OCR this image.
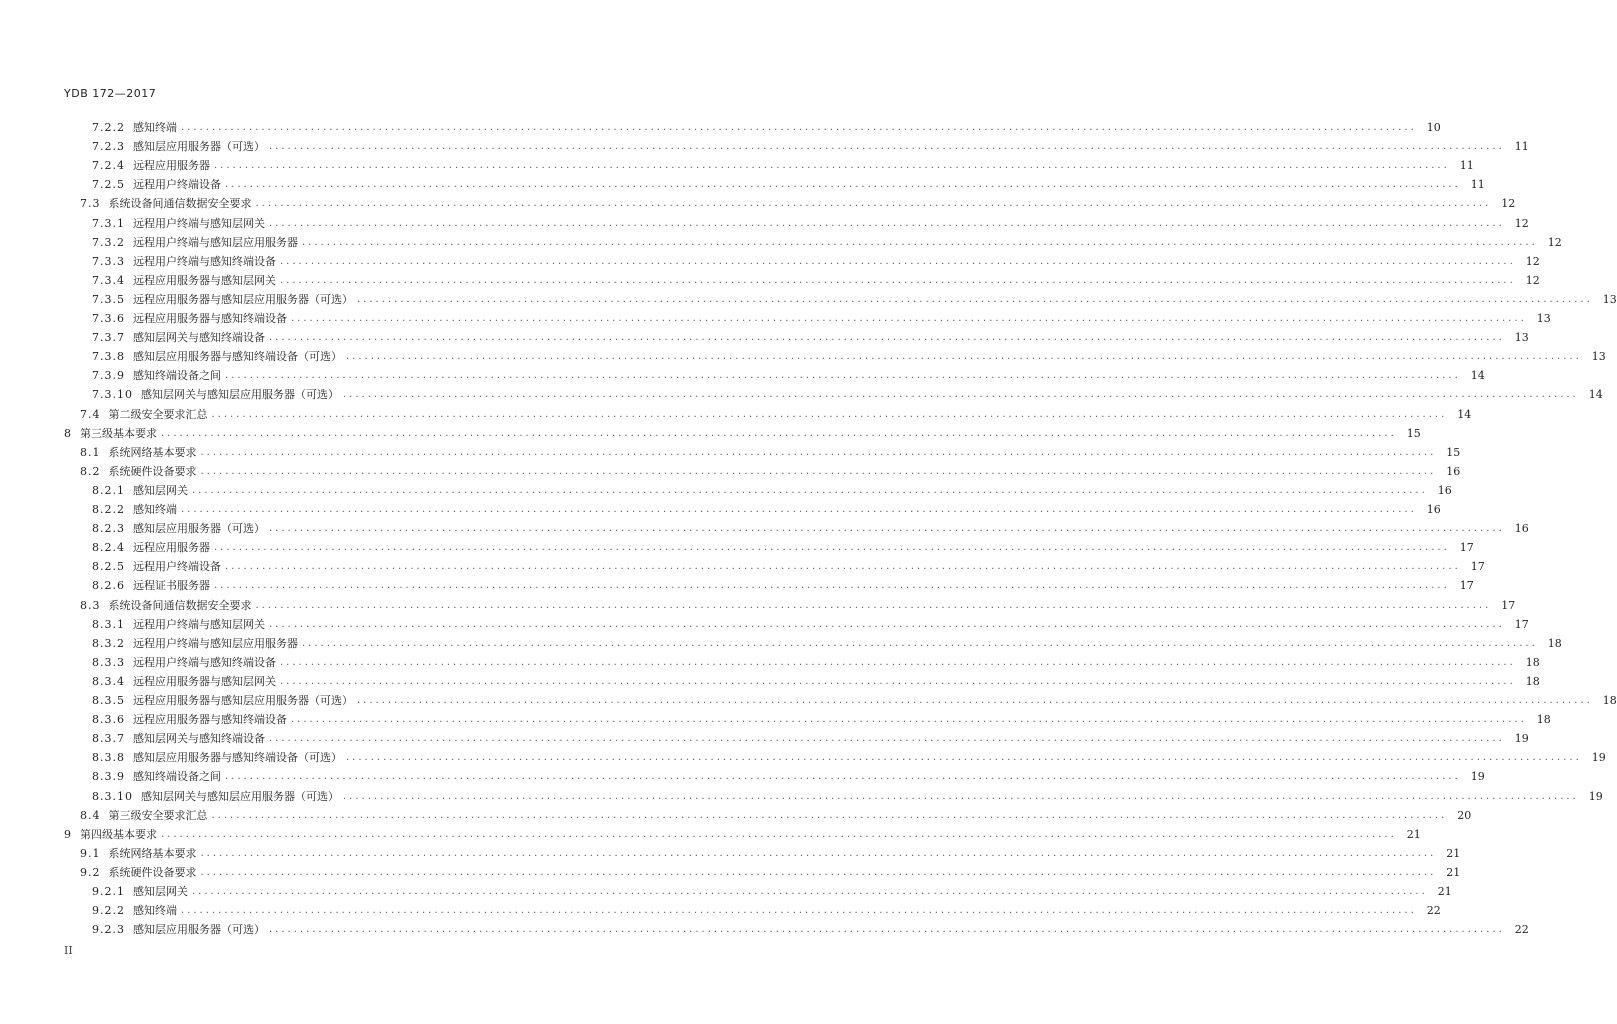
YDB 172—2017
7.2.2 感知终端 ........................................................................................................................................................................................................ 10
7.2.3 感知层应用服务器（可选） ........................................................................................................................................................................................................ 11
7.2.4 远程应用服务器 ........................................................................................................................................................................................................ 11
7.2.5 远程用户终端设备 ........................................................................................................................................................................................................ 11
7.3 系统设备间通信数据安全要求 ........................................................................................................................................................................................................ 12
7.3.1 远程用户终端与感知层网关 ........................................................................................................................................................................................................ 12
7.3.2 远程用户终端与感知层应用服务器 ........................................................................................................................................................................................................ 12
7.3.3 远程用户终端与感知终端设备 ........................................................................................................................................................................................................ 12
7.3.4 远程应用服务器与感知层网关 ........................................................................................................................................................................................................ 12
7.3.5 远程应用服务器与感知层应用服务器（可选） ........................................................................................................................................................................................................ 13
7.3.6 远程应用服务器与感知终端设备 ........................................................................................................................................................................................................ 13
7.3.7 感知层网关与感知终端设备 ........................................................................................................................................................................................................ 13
7.3.8 感知层应用服务器与感知终端设备（可选） ........................................................................................................................................................................................................ 13
7.3.9 感知终端设备之间 ........................................................................................................................................................................................................ 14
7.3.10 感知层网关与感知层应用服务器（可选） ........................................................................................................................................................................................................ 14
7.4 第二级安全要求汇总 ........................................................................................................................................................................................................ 14
8 第三级基本要求 ........................................................................................................................................................................................................ 15
8.1 系统网络基本要求 ........................................................................................................................................................................................................ 15
8.2 系统硬件设备要求 ........................................................................................................................................................................................................ 16
8.2.1 感知层网关 ........................................................................................................................................................................................................ 16
8.2.2 感知终端 ........................................................................................................................................................................................................ 16
8.2.3 感知层应用服务器（可选） ........................................................................................................................................................................................................ 16
8.2.4 远程应用服务器 ........................................................................................................................................................................................................ 17
8.2.5 远程用户终端设备 ........................................................................................................................................................................................................ 17
8.2.6 远程证书服务器 ........................................................................................................................................................................................................ 17
8.3 系统设备间通信数据安全要求 ........................................................................................................................................................................................................ 17
8.3.1 远程用户终端与感知层网关 ........................................................................................................................................................................................................ 17
8.3.2 远程用户终端与感知层应用服务器 ........................................................................................................................................................................................................ 18
8.3.3 远程用户终端与感知终端设备 ........................................................................................................................................................................................................ 18
8.3.4 远程应用服务器与感知层网关 ........................................................................................................................................................................................................ 18
8.3.5 远程应用服务器与感知层应用服务器（可选） ........................................................................................................................................................................................................ 18
8.3.6 远程应用服务器与感知终端设备 ........................................................................................................................................................................................................ 18
8.3.7 感知层网关与感知终端设备 ........................................................................................................................................................................................................ 19
8.3.8 感知层应用服务器与感知终端设备（可选） ........................................................................................................................................................................................................ 19
8.3.9 感知终端设备之间 ........................................................................................................................................................................................................ 19
8.3.10 感知层网关与感知层应用服务器（可选） ........................................................................................................................................................................................................ 19
8.4 第三级安全要求汇总 ........................................................................................................................................................................................................ 20
9 第四级基本要求 ........................................................................................................................................................................................................ 21
9.1 系统网络基本要求 ........................................................................................................................................................................................................ 21
9.2 系统硬件设备要求 ........................................................................................................................................................................................................ 21
9.2.1 感知层网关 ........................................................................................................................................................................................................ 21
9.2.2 感知终端 ........................................................................................................................................................................................................ 22
9.2.3 感知层应用服务器（可选） ........................................................................................................................................................................................................ 22
II
